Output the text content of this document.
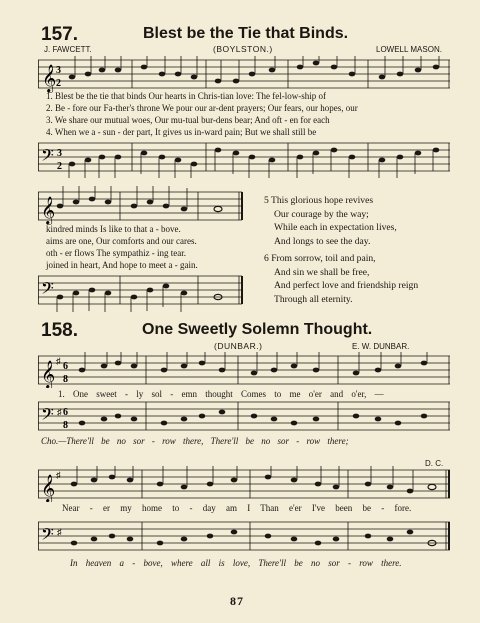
157.	Blest be the Tie that Binds.
J. FAWCETT.	(BOYLSTON.)	LOWELL MASON.
𝄞 3
2
1. Blest be the tie that binds Our hearts in Chris-tian love: The fel-low-ship of
2. Be - fore our Fa-ther's throne We pour our ar-dent prayers; Our fears, our hopes, our
3. We share our mutual woes, Our mu-tual bur-dens bear; And oft - en for each
4. When we a - sun - der part, It gives us in-ward pain; But we shall still be
𝄢 3
2
𝄞
kindred minds Is like to that a - bove.
aims are one, Our comforts and our cares.
oth - er flows The sympathiz - ing tear.
joined in heart, And hope to meet a - gain.
𝄢
5 This glorious hope revives
Our courage by the way;
While each in expectation lives,
And longs to see the day.
6 From sorrow, toil and pain,
And sin we shall be free,
And perfect love and friendship reign
Through all eternity.
158.	One Sweetly Solemn Thought.
(DUNBAR.)	E. W. DUNBAR.
𝄞 ♯ 6
8
1. One sweet - ly sol - emn thought Comes to me o'er and o'er, —
𝄢 ♯ 6
8
Cho.—There'll be no sor - row there, There'll be no sor - row there;
D. C.
𝄞 ♯
Near - er my home to - day am I Than e'er I've been be - fore.
𝄢 ♯
In heaven a - bove, where all is love, There'll be no sor - row there.
87
